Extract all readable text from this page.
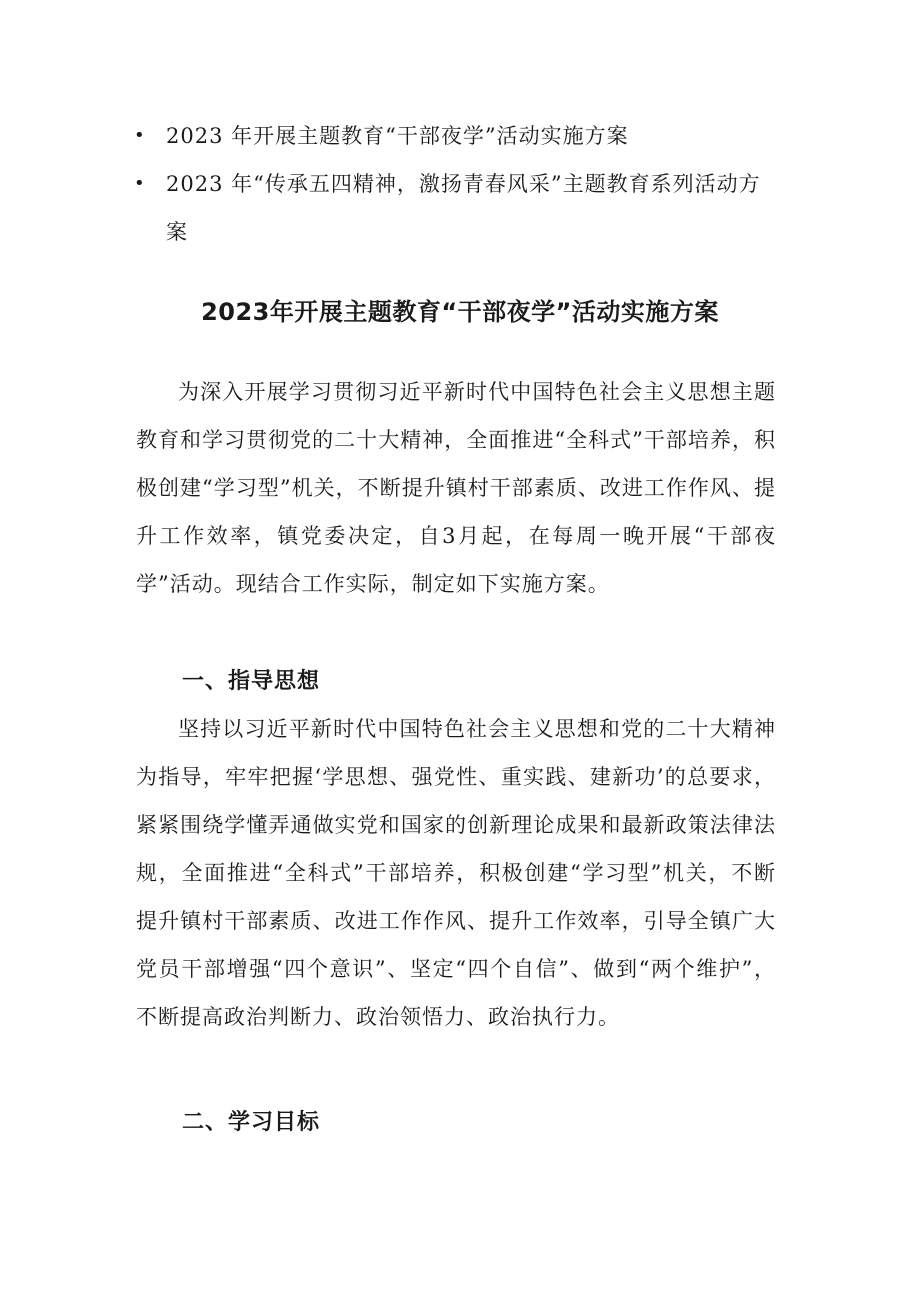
• 2023 年开展主题教育“干部夜学”活动实施方案
• 2023 年“传承五四精神，激扬青春风采”主题教育系列活动方案
2023年开展主题教育“干部夜学”活动实施方案

为深入开展学习贯彻习近平新时代中国特色社会主义思想主题教育和学习贯彻党的二十大精神，全面推进“全科式”干部培养，积极创建“学习型”机关，不断提升镇村干部素质、改进工作作风、提升工作效率，镇党委决定，自3月起，在每周一晚开展“干部夜学”活动。现结合工作实际，制定如下实施方案。

一、指导思想

坚持以习近平新时代中国特色社会主义思想和党的二十大精神为指导，牢牢把握‘学思想、强党性、重实践、建新功’的总要求，紧紧围绕学懂弄通做实党和国家的创新理论成果和最新政策法律法规，全面推进“全科式”干部培养，积极创建“学习型”机关，不断提升镇村干部素质、改进工作作风、提升工作效率，引导全镇广大党员干部增强“四个意识”、坚定“四个自信”、做到“两个维护”，不断提高政治判断力、政治领悟力、政治执行力。

二、学习目标
